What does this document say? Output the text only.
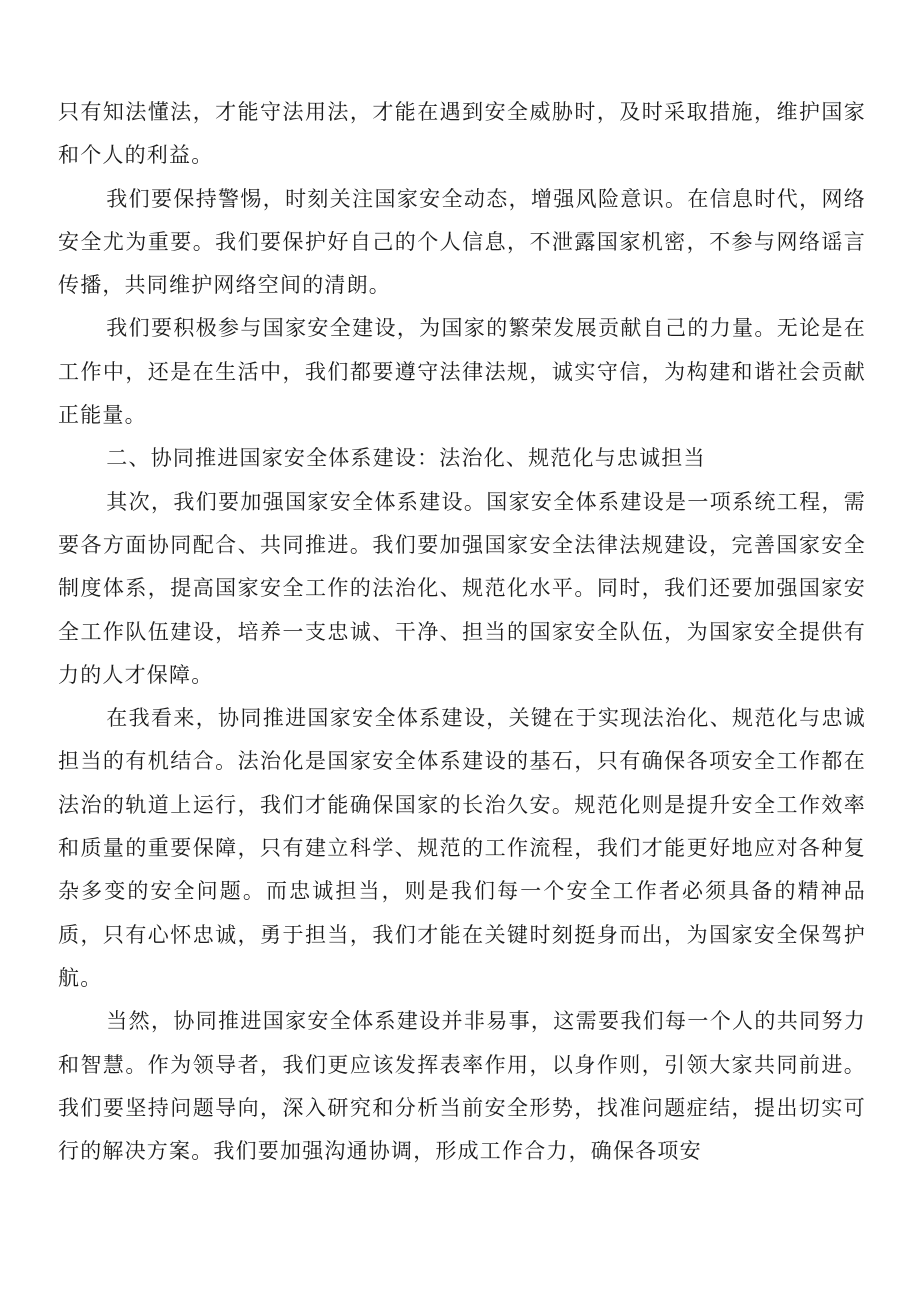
只有知法懂法，才能守法用法，才能在遇到安全威胁时，及时采取措施，维护国家和个人的利益。

我们要保持警惕，时刻关注国家安全动态，增强风险意识。在信息时代，网络安全尤为重要。我们要保护好自己的个人信息，不泄露国家机密，不参与网络谣言传播，共同维护网络空间的清朗。

我们要积极参与国家安全建设，为国家的繁荣发展贡献自己的力量。无论是在工作中，还是在生活中，我们都要遵守法律法规，诚实守信，为构建和谐社会贡献正能量。

二、协同推进国家安全体系建设：法治化、规范化与忠诚担当

其次，我们要加强国家安全体系建设。国家安全体系建设是一项系统工程，需要各方面协同配合、共同推进。我们要加强国家安全法律法规建设，完善国家安全制度体系，提高国家安全工作的法治化、规范化水平。同时，我们还要加强国家安全工作队伍建设，培养一支忠诚、干净、担当的国家安全队伍，为国家安全提供有力的人才保障。

在我看来，协同推进国家安全体系建设，关键在于实现法治化、规范化与忠诚担当的有机结合。法治化是国家安全体系建设的基石，只有确保各项安全工作都在法治的轨道上运行，我们才能确保国家的长治久安。规范化则是提升安全工作效率和质量的重要保障，只有建立科学、规范的工作流程，我们才能更好地应对各种复杂多变的安全问题。而忠诚担当，则是我们每一个安全工作者必须具备的精神品质，只有心怀忠诚，勇于担当，我们才能在关键时刻挺身而出，为国家安全保驾护航。

当然，协同推进国家安全体系建设并非易事，这需要我们每一个人的共同努力和智慧。作为领导者，我们更应该发挥表率作用，以身作则，引领大家共同前进。我们要坚持问题导向，深入研究和分析当前安全形势，找准问题症结，提出切实可行的解决方案。我们要加强沟通协调，形成工作合力，确保各项安
